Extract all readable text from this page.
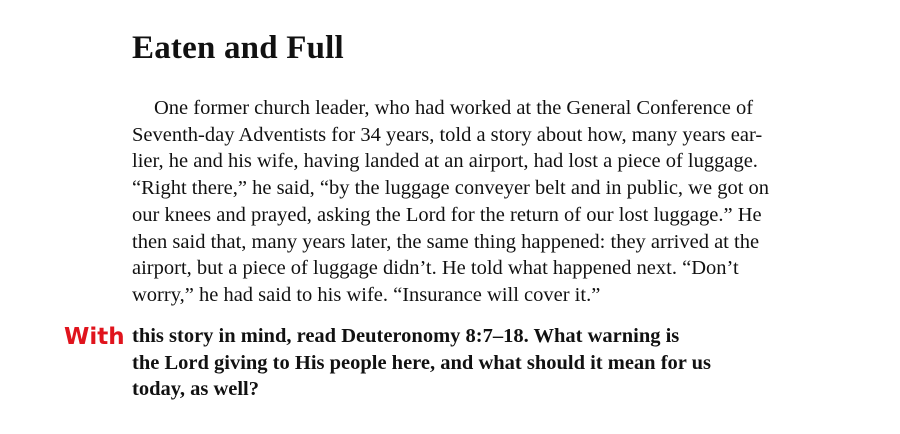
Eaten and Full

One former church leader, who had worked at the General Conference of
Seventh-day Adventists for 34 years, told a story about how, many years ear-
lier, he and his wife, having landed at an airport, had lost a piece of luggage.
“Right there,” he said, “by the luggage conveyer belt and in public, we got on
our knees and prayed, asking the Lord for the return of our lost luggage.” He
then said that, many years later, the same thing happened: they arrived at the
airport, but a piece of luggage didn’t. He told what happened next. “Don’t
worry,” he had said to his wife. “Insurance will cover it.”

With this story in mind, read Deuteronomy 8:7–18. What warning is
the Lord giving to His people here, and what should it mean for us
today, as well?
